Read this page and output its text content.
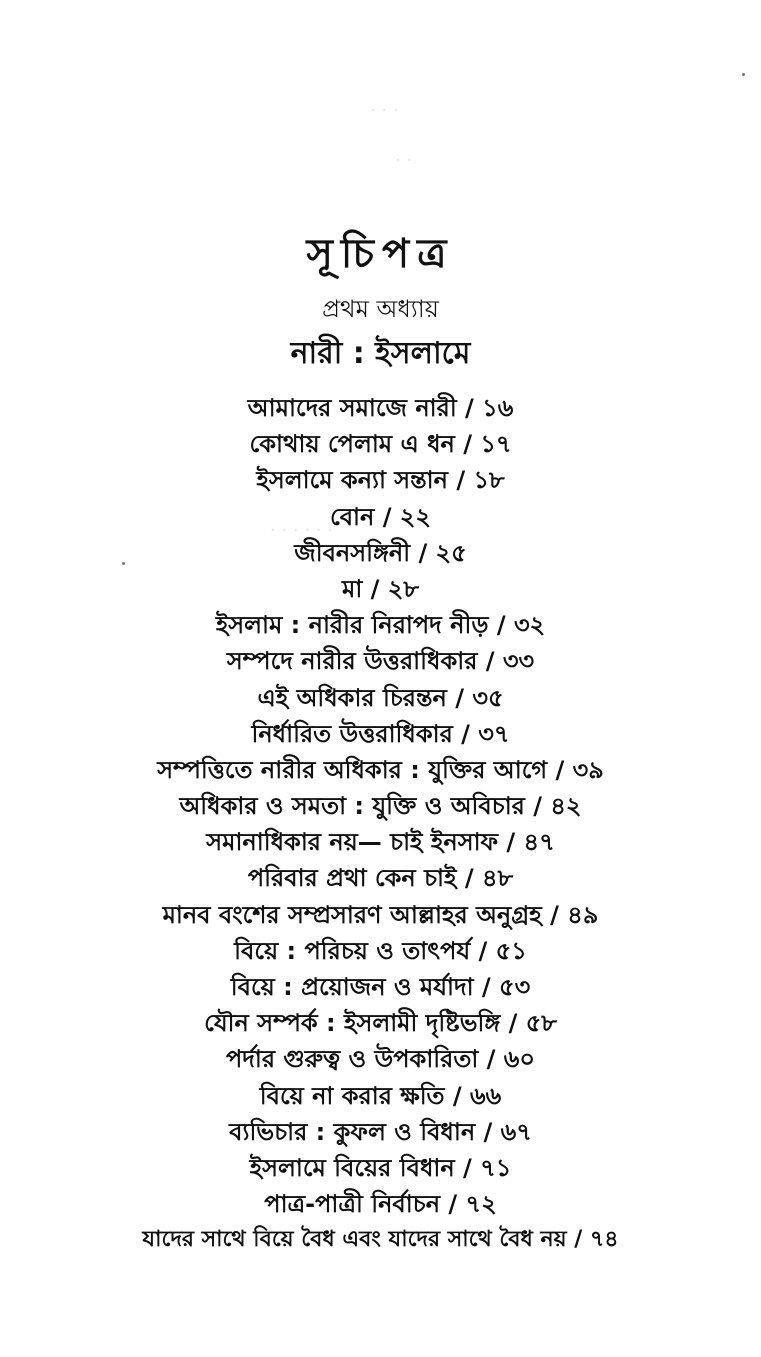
· · ·
· ·
· · · · · ·
সূচিপত্র
প্রথম অধ্যায়
নারী : ইসলামে
আমাদের সমাজে নারী / ১৬
কোথায় পেলাম এ ধন / ১৭
ইসলামে কন্যা সন্তান / ১৮
বোন / ২২
জীবনসঙ্গিনী / ২৫
মা / ২৮
ইসলাম : নারীর নিরাপদ নীড় / ৩২
সম্পদে নারীর উত্তরাধিকার / ৩৩
এই অধিকার চিরন্তন / ৩৫
নির্ধারিত উত্তরাধিকার / ৩৭
সম্পত্তিতে নারীর অধিকার : যুক্তির আগে / ৩৯
অধিকার ও সমতা : যুক্তি ও অবিচার / ৪২
সমানাধিকার নয়— চাই ইনসাফ / ৪৭
পরিবার প্রথা কেন চাই / ৪৮
মানব বংশের সম্প্রসারণ আল্লাহর অনুগ্রহ / ৪৯
বিয়ে : পরিচয় ও তাৎপর্য / ৫১
বিয়ে : প্রয়োজন ও মর্যাদা / ৫৩
যৌন সম্পর্ক : ইসলামী দৃষ্টিভঙ্গি / ৫৮
পর্দার গুরুত্ব ও উপকারিতা / ৬০
বিয়ে না করার ক্ষতি / ৬৬
ব্যভিচার : কুফল ও বিধান / ৬৭
ইসলামে বিয়ের বিধান / ৭১
পাত্র-পাত্রী নির্বাচন / ৭২
যাদের সাথে বিয়ে বৈধ এবং যাদের সাথে বৈধ নয় / ৭৪
